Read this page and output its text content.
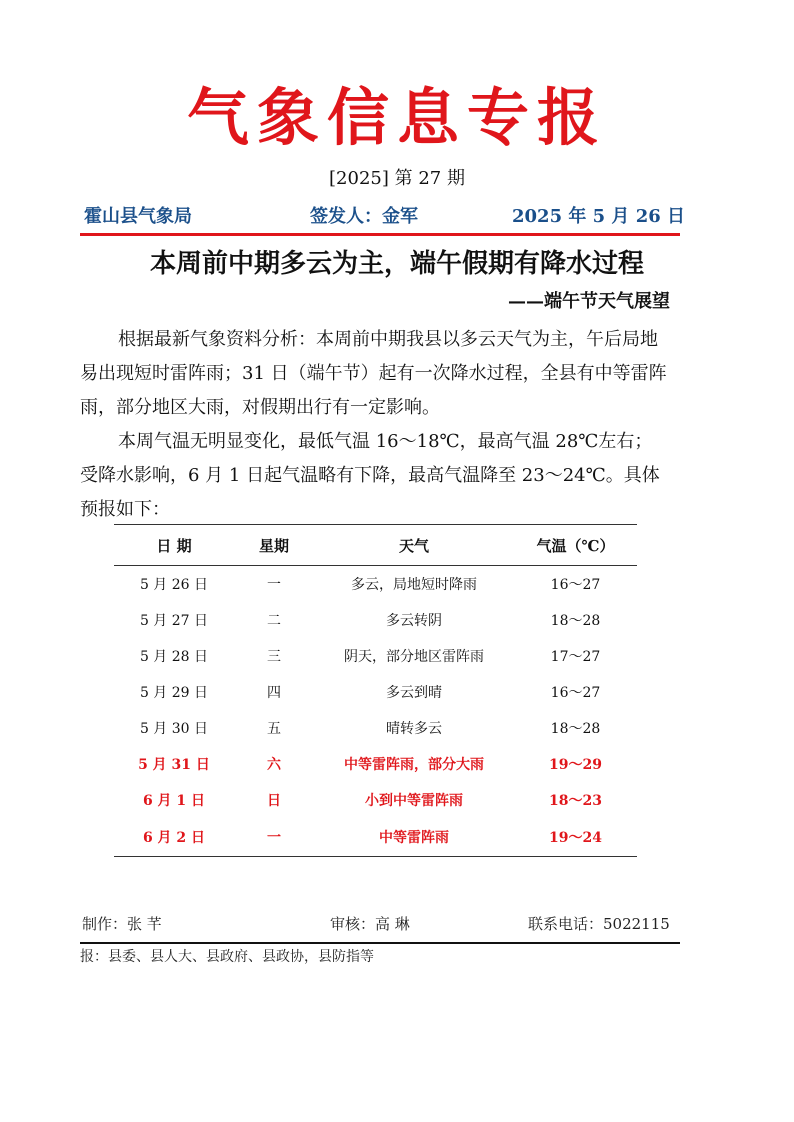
气象信息专报
[2025] 第 27 期
霍山县气象局	签发人：金军	2025 年 5 月 26 日
本周前中期多云为主，端午假期有降水过程
——端午节天气展望
根据最新气象资料分析：本周前中期我县以多云天气为主，午后局地易出现短时雷阵雨；31 日（端午节）起有一次降水过程，全县有中等雷阵雨，部分地区大雨，对假期出行有一定影响。
本周气温无明显变化，最低气温 16～18℃，最高气温 28℃左右；受降水影响，6 月 1 日起气温略有下降，最高气温降至 23～24℃。具体预报如下：
日 期	星期	天气	气温（℃）
5 月 26 日	一	多云，局地短时降雨	16～27
5 月 27 日	二	多云转阴	18～28
5 月 28 日	三	阴天，部分地区雷阵雨	17～27
5 月 29 日	四	多云到晴	16～27
5 月 30 日	五	晴转多云	18～28
5 月 31 日	六	中等雷阵雨，部分大雨	19～29
6 月 1 日	日	小到中等雷阵雨	18～23
6 月 2 日	一	中等雷阵雨	19～24
制作：张 芊	审核：高 琳	联系电话：5022115
报：县委、县人大、县政府、县政协，县防指等
